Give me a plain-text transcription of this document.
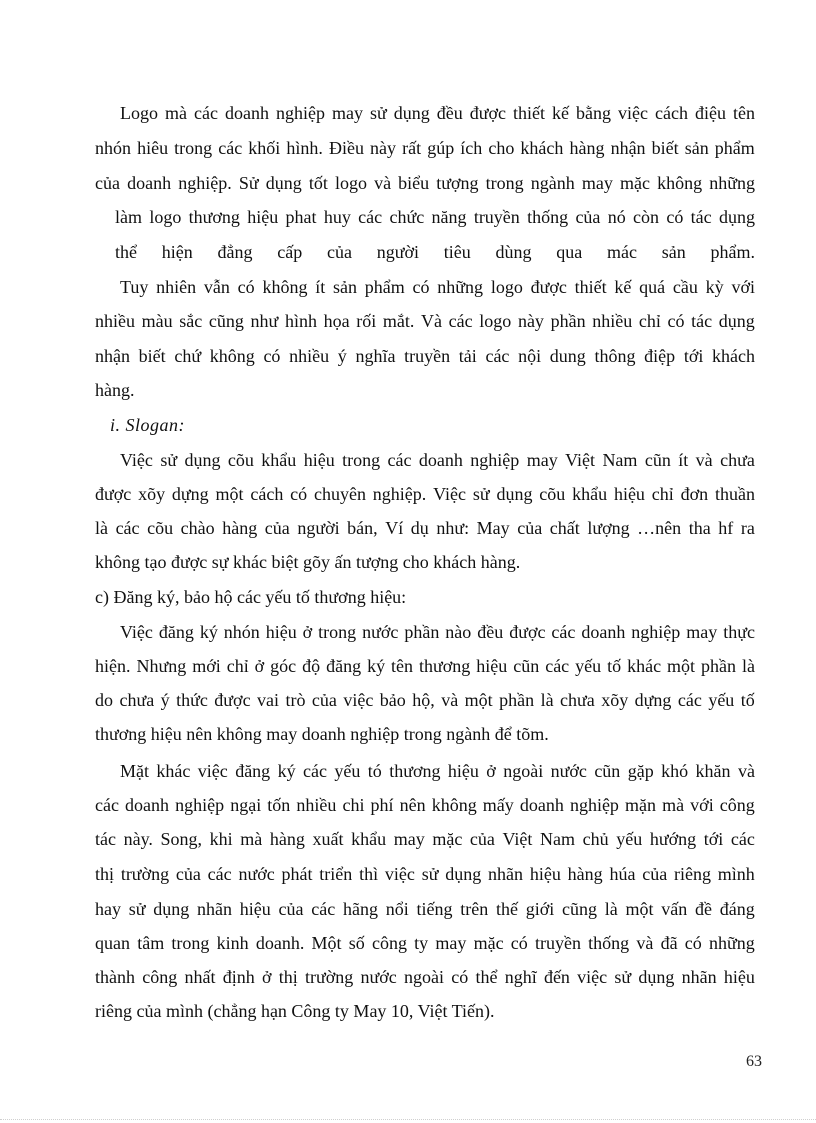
Logo mà các doanh nghiệp may sử dụng đều được thiết kế bằng việc cách điệu tên
nhón hiêu trong các khối hình. Điều này rất gúp ích cho khách hàng nhận biết sản phẩm
của doanh nghiệp. Sử dụng tốt logo và biểu tượng trong ngành may mặc không những
làm logo thương hiệu phat huy các chức năng truyền thống của nó còn có tác dụng
thể hiện đẳng cấp của người tiêu dùng qua mác sản phẩm.
Tuy nhiên vẫn có không ít sản phẩm có những logo được thiết kế quá cầu kỳ với
nhiều màu sắc cũng như hình họa rối mắt. Và các logo này phần nhiều chỉ có tác dụng
nhận biết chứ không có nhiều ý nghĩa truyền tải các nội dung thông điệp tới khách
hàng.
i. Slogan:
Việc sử dụng cõu khẩu hiệu trong các doanh nghiệp may Việt Nam cũn ít và chưa
được xõy dựng một cách có chuyên nghiệp. Việc sử dụng cõu khẩu hiệu chỉ đơn thuần
là các cõu chào hàng của người bán, Ví dụ như: May của chất lượng …nên tha hf ra
không tạo được sự khác biệt gõy ấn tượng cho khách hàng.
c) Đăng ký, bảo hộ các yếu tố thương hiệu:
Việc đăng ký nhón hiệu ở trong nước phần nào đều được các doanh nghiệp may thực
hiện. Nhưng mới chỉ ở góc độ đăng ký tên thương hiệu cũn các yếu tố khác một phần là
do chưa ý thức được vai trò của việc bảo hộ, và một phần là chưa xõy dựng các yếu tố
thương hiệu nên không may doanh nghiệp trong ngành để tõm.
Mặt khác việc đăng ký các yếu tó thương hiệu ở ngoài nước cũn gặp khó khăn và
các doanh nghiệp ngại tốn nhiều chi phí nên không mấy doanh nghiệp mặn mà với công
tác này. Song, khi mà hàng xuất khẩu may mặc của Việt Nam chủ yếu hướng tới các
thị trường của các nước phát triển thì việc sử dụng nhãn hiệu hàng húa của riêng mình
hay sử dụng nhãn hiệu của các hãng nổi tiếng trên thế giới cũng là một vấn đề đáng
quan tâm trong kinh doanh. Một số công ty may mặc có truyền thống và đã có những
thành công nhất định ở thị trường nước ngoài có thể nghĩ đến việc sử dụng nhãn hiệu
riêng của mình (chẳng hạn Công ty May 10, Việt Tiến).
63
